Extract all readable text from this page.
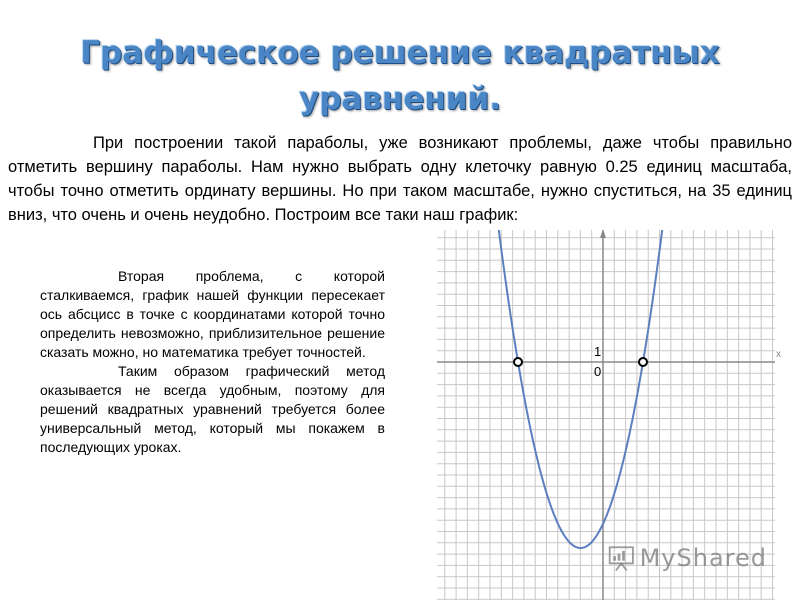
Графическое решение квадратных
уравнений.
При построении такой параболы, уже возникают проблемы, даже чтобы правильно отметить вершину параболы. Нам нужно выбрать одну клеточку равную 0.25 единиц масштаба, чтобы точно отметить ординату вершины. Но при таком масштабе, нужно спуститься, на 35 единиц вниз, что очень и очень неудобно. Построим все таки наш график:

Вторая проблема, с которой сталкиваемся, график нашей функции пересекает ось абсцисс в точке с координатами которой точно определить невозможно, приблизительное решение сказать можно, но математика требует точностей.

Таким образом графический метод оказывается не всегда удобным, поэтому для решений квадратных уравнений требуется более универсальный метод, который мы покажем в последующих уроках.

1
0
x
MyShared
